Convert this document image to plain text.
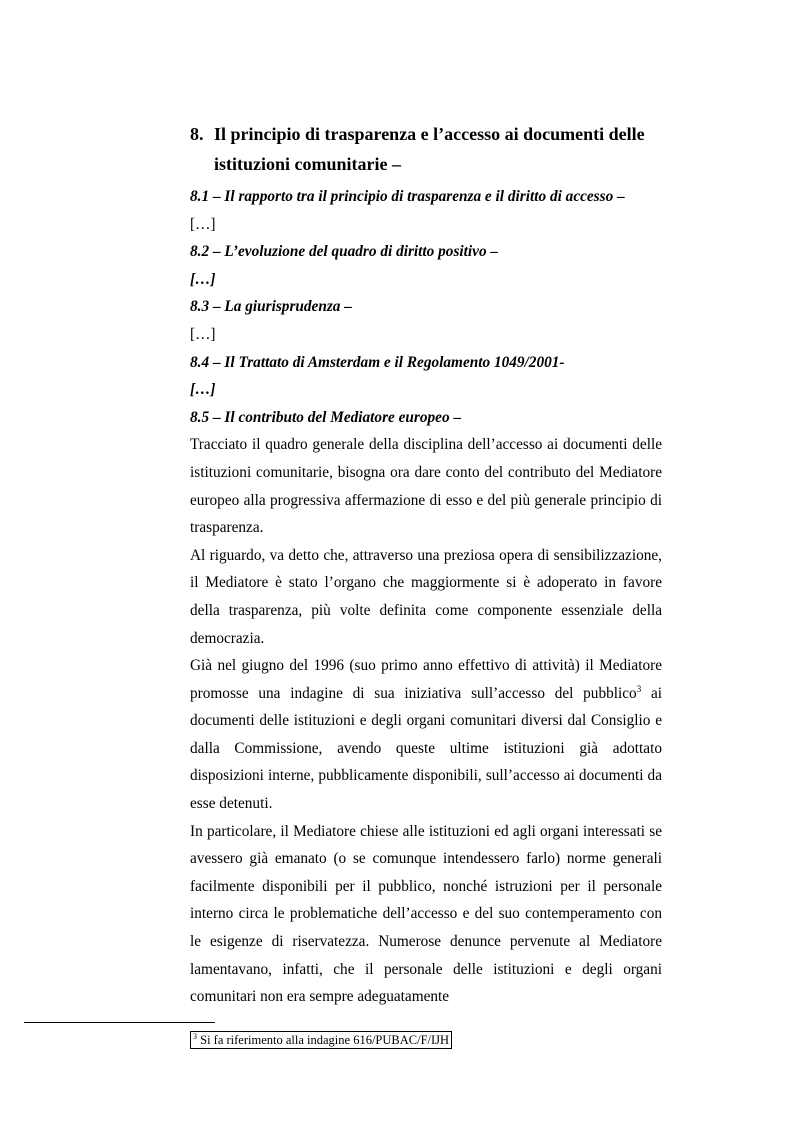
8. Il principio di trasparenza e l’accesso ai documenti delle
istituzioni comunitarie –

8.1 – Il rapporto tra il principio di trasparenza e il diritto di accesso –

[…]

8.2 – L’evoluzione del quadro di diritto positivo –

[…]

8.3 – La giurisprudenza –

[…]

8.4 – Il Trattato di Amsterdam e il Regolamento 1049/2001-

[…]

8.5 – Il contributo del Mediatore europeo –

Tracciato il quadro generale della disciplina dell’accesso ai documenti delle istituzioni comunitarie, bisogna ora dare conto del contributo del Mediatore europeo alla progressiva affermazione di esso e del più generale principio di trasparenza.

Al riguardo, va detto che, attraverso una preziosa opera di sensibilizzazione, il Mediatore è stato l’organo che maggiormente si è adoperato in favore della trasparenza, più volte definita come componente essenziale della democrazia.

Già nel giugno del 1996 (suo primo anno effettivo di attività) il Mediatore promosse una indagine di sua iniziativa sull’accesso del pubblico$^3$ ai documenti delle istituzioni e degli organi comunitari diversi dal Consiglio e dalla Commissione, avendo queste ultime istituzioni già adottato disposizioni interne, pubblicamente disponibili, sull’accesso ai documenti da esse detenuti.

In particolare, il Mediatore chiese alle istituzioni ed agli organi interessati se avessero già emanato (o se comunque intendessero farlo) norme generali facilmente disponibili per il pubblico, nonché istruzioni per il personale interno circa le problematiche dell’accesso e del suo contemperamento con le esigenze di riservatezza. Numerose denunce pervenute al Mediatore lamentavano, infatti, che il personale delle istituzioni e degli organi comunitari non era sempre adeguatamente

$^3$ Si fa riferimento alla indagine 616/PUBAC/F/IJH
